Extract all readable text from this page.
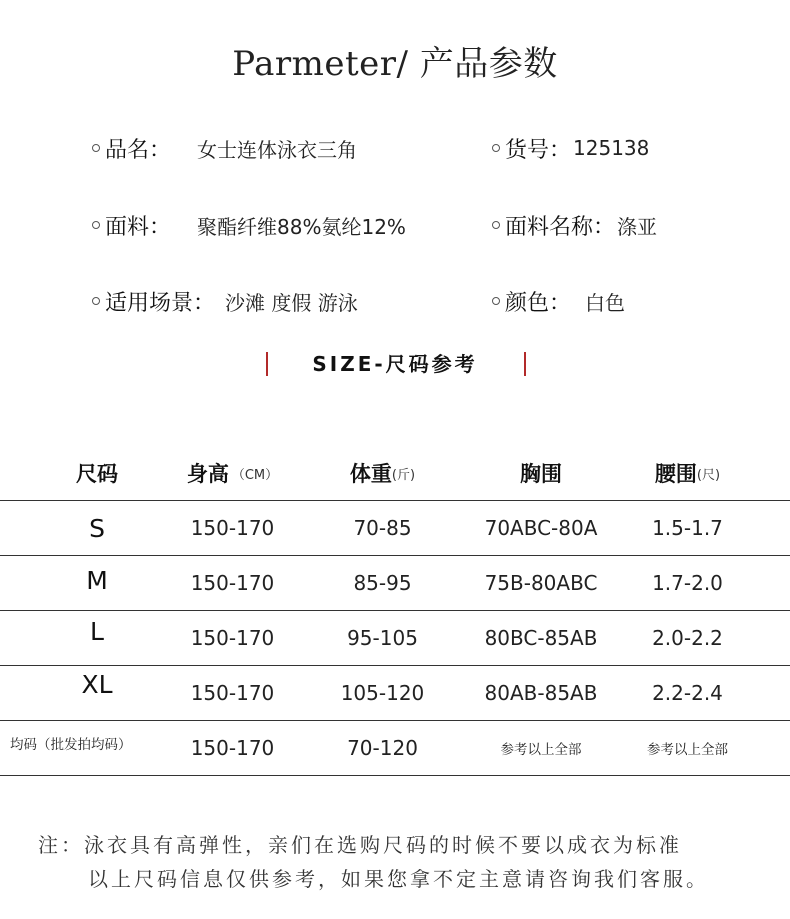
Parmeter/ 产品参数
品名： 女士连体泳衣三角	货号： 125138
面料： 聚酯纤维88%氨纶12%	面料名称： 涤亚
适用场景： 沙滩 度假 游泳	颜色： 白色
SIZE-尺码参考
尺码	身高 （CM）	体重 (斤)	胸围	腰围 (尺)
S	150-170	70-85	70ABC-80A	1.5-1.7
M	150-170	85-95	75B-80ABC	1.7-2.0
L	150-170	95-105	80BC-85AB	2.0-2.2
XL	150-170	105-120	80AB-85AB	2.2-2.4
均码（批发拍均码）	150-170	70-120	参考以上全部	参考以上全部
注：泳衣具有高弹性，亲们在选购尺码的时候不要以成衣为标准
以上尺码信息仅供参考，如果您拿不定主意请咨询我们客服。
